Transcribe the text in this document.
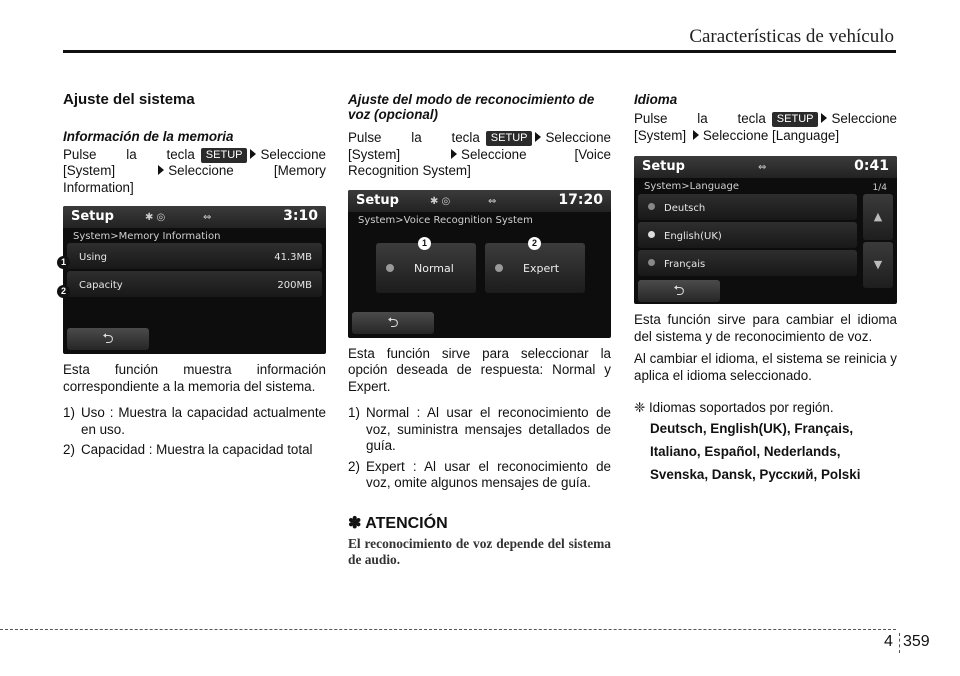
Características de vehículo
Ajuste del sistema
Información de la memoria

Pulse la tecla SETUP Seleccione

[System]	Seleccione [Memory

Information]

Setup	✱ ◎	⇔	3:10
System>Memory Information
Using	41.3MB
Capacity	200MB
⮌

Esta función muestra información correspondiente a la memoria del sistema.

1) Uso : Muestra la capacidad actualmente en uso.
2) Capacidad : Muestra la capacidad total
1
2
Ajuste del modo de reconocimiento de voz (opcional)

Pulse la tecla SETUP Seleccione

[System]	Seleccione [Voice

Recognition System]

Setup	✱ ◎	⇔	17:20
System>Voice Recognition System
Normal	Expert
1	2
⮌

Esta función sirve para seleccionar la opción deseada de respuesta: Normal y Expert.

1) Normal : Al usar el reconocimiento de voz, suministra mensajes detallados de guía.
2) Expert : Al usar el reconocimiento de voz, omite algunos mensajes de guía.
✽ ATENCIÓN
El reconocimiento de voz depende del sistema de audio.
Idioma

Pulse la tecla SETUP Seleccione

[System] Seleccione [Language]

Setup	⇔	0:41
System>Language	1/4
Deutsch
English(UK)
Français
▲
▼
⮌

Esta función sirve para cambiar el idioma del sistema y de reconocimiento de voz.

Al cambiar el idioma, el sistema se reinicia y aplica el idioma seleccionado.

❈ Idiomas soportados por región.

Deutsch, English(UK), Français,
Italiano, Español, Nederlands,
Svenska, Dansk, Русский, Polski
4 359
